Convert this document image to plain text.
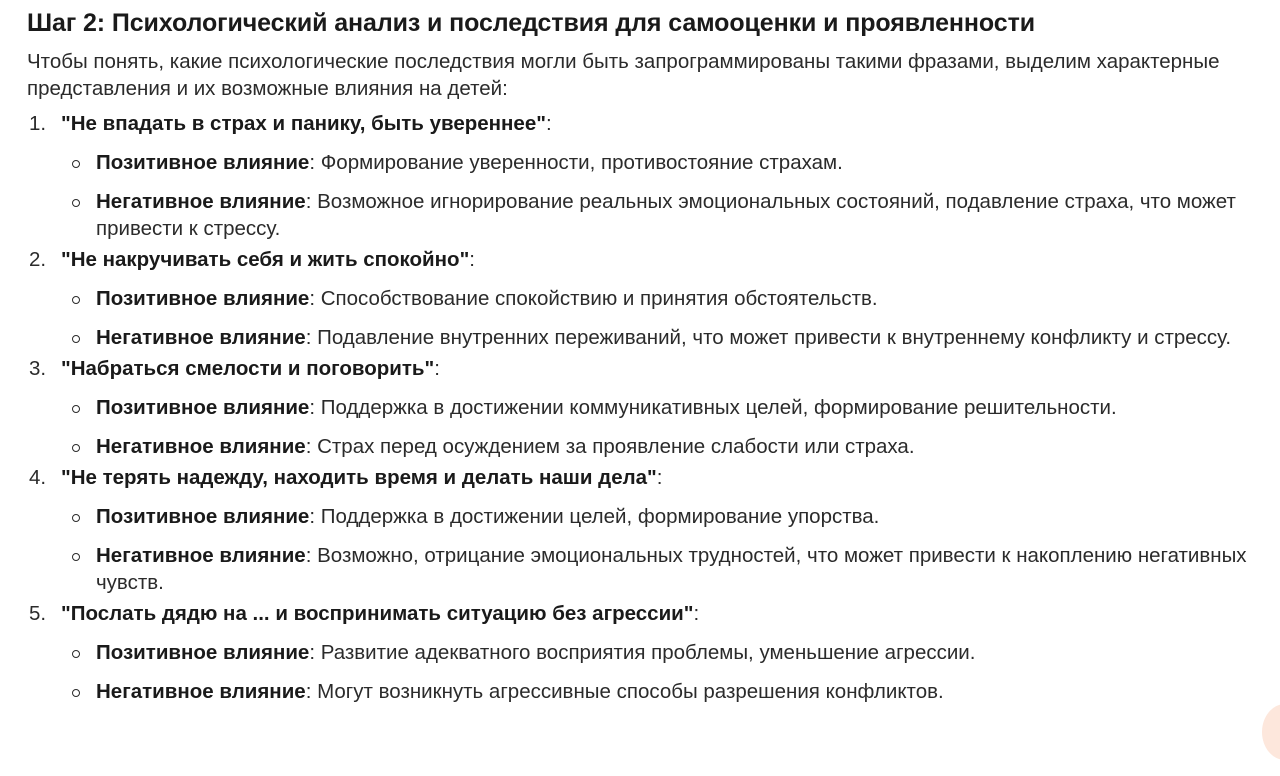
Шаг 2: Психологический анализ и последствия для самооценки и проявленности

Чтобы понять, какие психологические последствия могли быть запрограммированы такими фразами, выделим характерные представления и их возможные влияния на детей:

1. "Не впадать в страх и панику, быть увереннее":
Позитивное влияние: Формирование уверенности, противостояние страхам.
Негативное влияние: Возможное игнорирование реальных эмоциональных состояний, подавление страха, что может привести к стрессу.
2. "Не накручивать себя и жить спокойно":
Позитивное влияние: Способствование спокойствию и принятия обстоятельств.
Негативное влияние: Подавление внутренних переживаний, что может привести к внутреннему конфликту и стрессу.
3. "Набраться смелости и поговорить":
Позитивное влияние: Поддержка в достижении коммуникативных целей, формирование решительности.
Негативное влияние: Страх перед осуждением за проявление слабости или страха.
4. "Не терять надежду, находить время и делать наши дела":
Позитивное влияние: Поддержка в достижении целей, формирование упорства.
Негативное влияние: Возможно, отрицание эмоциональных трудностей, что может привести к накоплению негативных чувств.
5. "Послать дядю на ... и воспринимать ситуацию без агрессии":
Позитивное влияние: Развитие адекватного восприятия проблемы, уменьшение агрессии.
Негативное влияние: Могут возникнуть агрессивные способы разрешения конфликтов.
